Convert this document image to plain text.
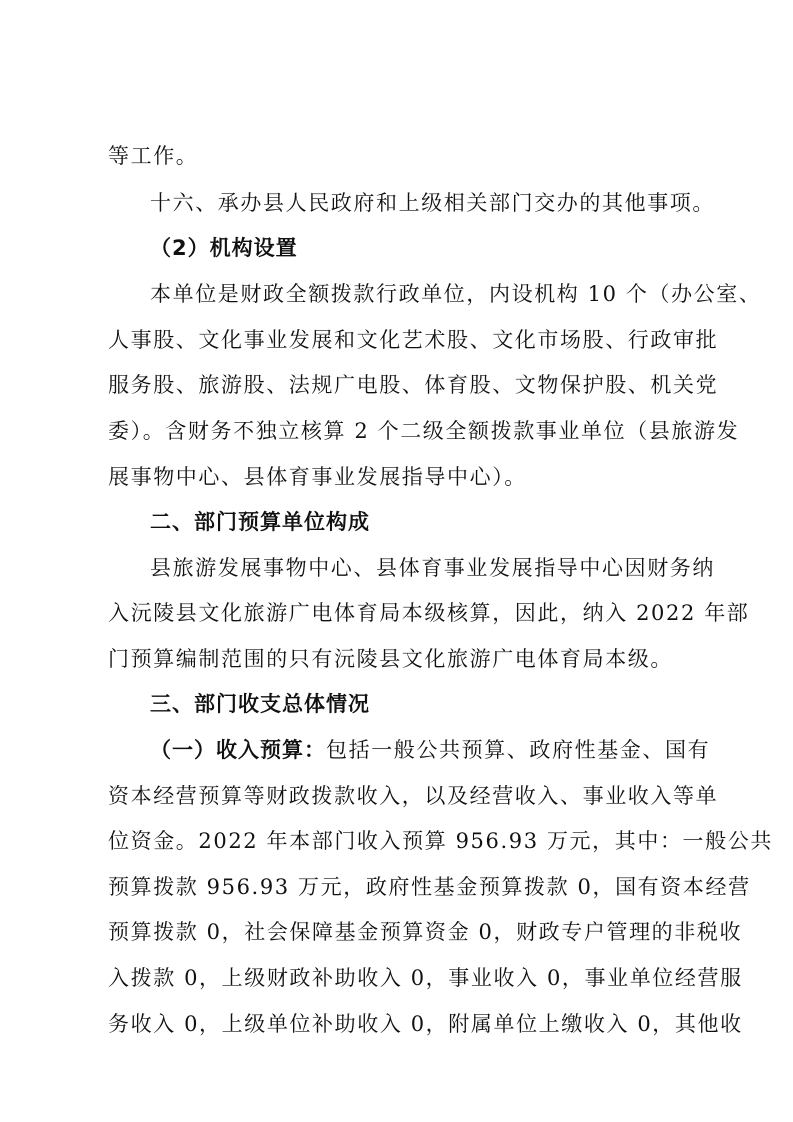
等工作。
十六、承办县人民政府和上级相关部门交办的其他事项。
（2）机构设置
本单位是财政全额拨款行政单位，内设机构 10 个（办公室、
人事股、文化事业发展和文化艺术股、文化市场股、行政审批
服务股、旅游股、法规广电股、体育股、文物保护股、机关党
委）。含财务不独立核算 2 个二级全额拨款事业单位（县旅游发
展事物中心、县体育事业发展指导中心）。
二、部门预算单位构成
县旅游发展事物中心、县体育事业发展指导中心因财务纳
入沅陵县文化旅游广电体育局本级核算，因此，纳入 2022 年部
门预算编制范围的只有沅陵县文化旅游广电体育局本级。
三、部门收支总体情况
（一）收入预算：包括一般公共预算、政府性基金、国有
资本经营预算等财政拨款收入，以及经营收入、事业收入等单
位资金。2022 年本部门收入预算 956.93 万元，其中：一般公共
预算拨款 956.93 万元，政府性基金预算拨款 0，国有资本经营
预算拨款 0，社会保障基金预算资金 0，财政专户管理的非税收
入拨款 0，上级财政补助收入 0，事业收入 0，事业单位经营服
务收入 0，上级单位补助收入 0，附属单位上缴收入 0，其他收
